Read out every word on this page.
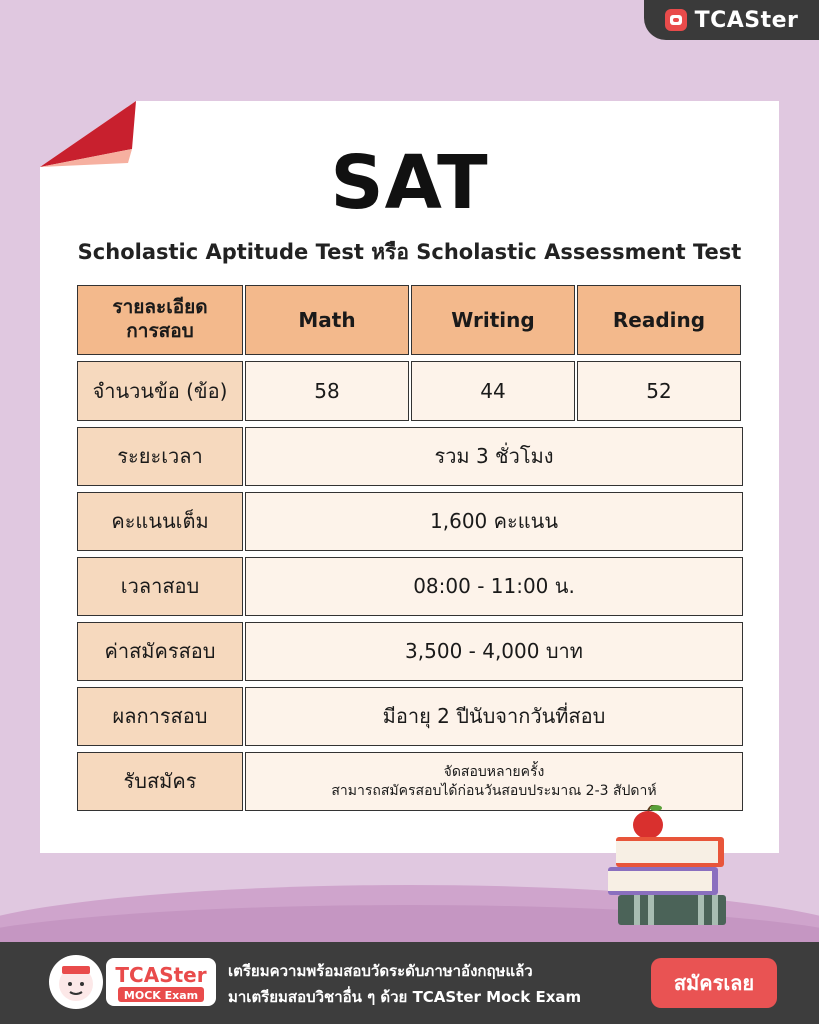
TCASter
SAT
Scholastic Aptitude Test หรือ Scholastic Assessment Test
รายละเอียด
การสอบ	Math	Writing	Reading
จำนวนข้อ (ข้อ)	58	44	52
ระยะเวลา	รวม 3 ชั่วโมง
คะแนนเต็ม	1,600 คะแนน
เวลาสอบ	08:00 - 11:00 น.
ค่าสมัครสอบ	3,500 - 4,000 บาท
ผลการสอบ	มีอายุ 2 ปีนับจากวันที่สอบ
รับสมัคร	จัดสอบหลายครั้ง
สามารถสมัครสอบได้ก่อนวันสอบประมาณ 2-3 สัปดาห์
TCASter
MOCK Exam
เตรียมความพร้อมสอบวัดระดับภาษาอังกฤษแล้ว
มาเตรียมสอบวิชาอื่น ๆ ด้วย TCASter Mock Exam
สมัครเลย
